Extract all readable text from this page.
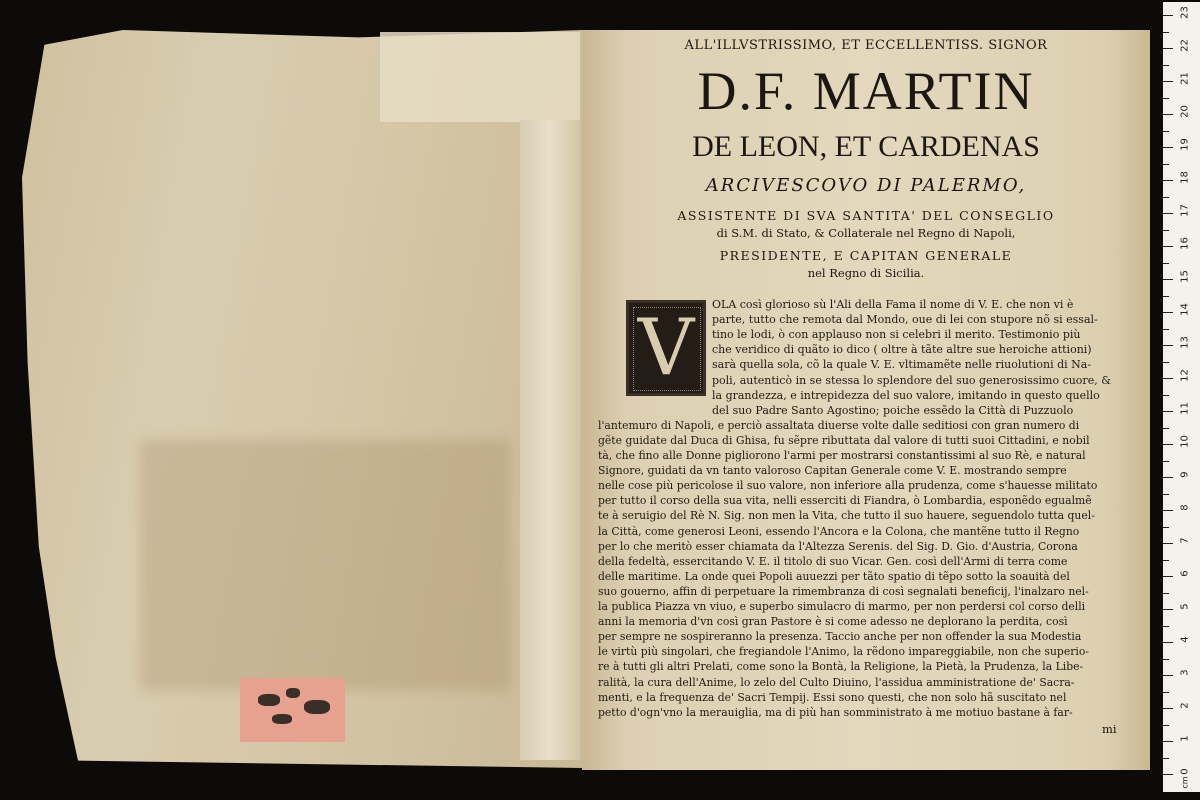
ALL'ILLVSTRISSIMO, ET ECCELLENTISS. SIGNOR
D.F. MARTIN
DE LEON, ET CARDENAS
ARCIVESCOVO DI PALERMO,
ASSISTENTE DI SVA SANTITA' DEL CONSEGLIO
di S.M. di Stato, & Collaterale nel Regno di Napoli,
PRESIDENTE, E CAPITAN GENERALE
nel Regno di Sicilia.
V	OLA così glorioso sù l'Ali della Fama il nome di V. E. che non vi è
parte, tutto che remota dal Mondo, oue di lei con stupore nõ si essal-
tino le lodi, ò con applauso non si celebri il merito. Testimonio più
che veridico di quãto io dico ( oltre à tãte altre sue heroiche attioni)
sarà quella sola, cõ la quale V. E. vltimamẽte nelle riuolutioni di Na-
poli, autenticò in se stessa lo splendore del suo generosissimo cuore, &
la grandezza, e intrepidezza del suo valore, imitando in questo quello
del suo Padre Santo Agostino; poiche essẽdo la Città di Puzzuolo
l'antemuro di Napoli, e perciò assaltata diuerse volte dalle seditiosi con gran numero di
gẽte guidate dal Duca di Ghisa, fu sẽpre ributtata dal valore di tutti suoi Cittadini, e nobil
tà, che fino alle Donne pigliorono l'armi per mostrarsi constantissimi al suo Rè, e natural
Signore, guidati da vn tanto valoroso Capitan Generale come V. E. mostrando sempre
nelle cose più pericolose il suo valore, non inferiore alla prudenza, come s'hauesse militato
per tutto il corso della sua vita, nelli esserciti di Fiandra, ò Lombardia, esponẽdo egualmẽ
te à seruigio del Rè N. Sig. non men la Vita, che tutto il suo hauere, seguendolo tutta quel-
la Città, come generosi Leoni, essendo l'Ancora e la Colona, che mantẽne tutto il Regno
per lo che meritò esser chiamata da l'Altezza Serenis. del Sig. D. Gio. d'Austria, Corona
della fedeltà, essercitando V. E. il titolo di suo Vicar. Gen. così dell'Armi di terra come
delle maritime. La onde quei Popoli auuezzi per tãto spatio di tẽpo sotto la soauità del
suo gouerno, affin di perpetuare la rimembranza di così segnalati beneficij, l'inalzaro nel-
la publica Piazza vn viuo, e superbo simulacro di marmo, per non perdersi col corso delli
anni la memoria d'vn così gran Pastore è si come adesso ne deplorano la perdita, così
per sempre ne sospireranno la presenza. Taccio anche per non offender la sua Modestia
le virtù più singolari, che fregiandole l'Animo, la rẽdono impareggiabile, non che superio-
re à tutti gli altri Prelati, come sono la Bontà, la Religione, la Pietà, la Prudenza, la Libe-
ralità, la cura dell'Anime, lo zelo del Culto Diuino, l'assidua amministratione de' Sacra-
menti, e la frequenza de' Sacri Tempij. Essi sono questi, che non solo hã suscitato nel
petto d'ogn'vno la merauiglia, ma di più han somministrato à me motiuo bastane à far-
mi
0
1
2
3
4
5
6
7
8
9
10
11
12
13
14
15
16
17
18
19
20
21
22
23
cm
